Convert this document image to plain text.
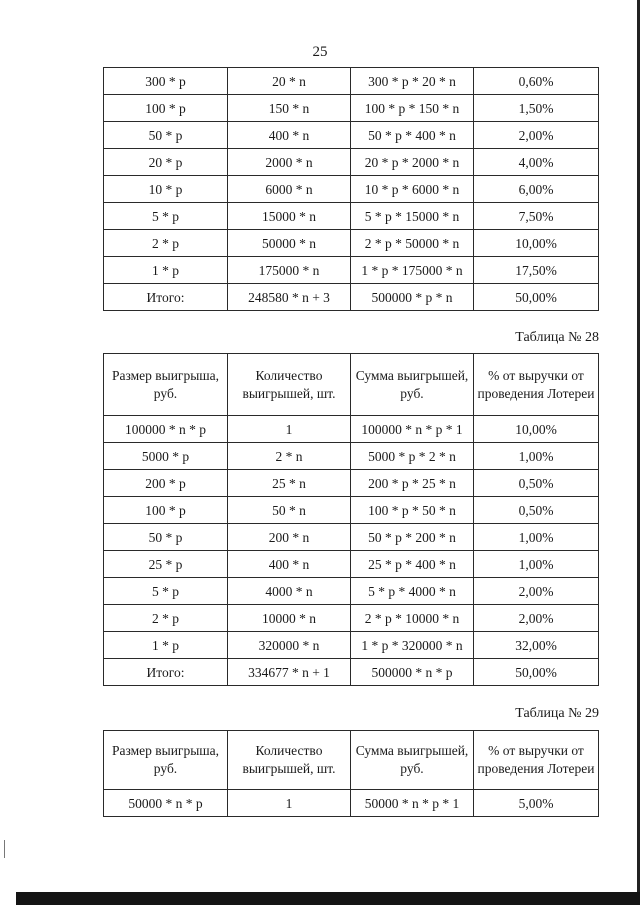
25
300 * p	20 * n	300 * p * 20 * n	0,60%
100 * p	150 * n	100 * p * 150 * n	1,50%
50 * p	400 * n	50 * p * 400 * n	2,00%
20 * p	2000 * n	20 * p * 2000 * n	4,00%
10 * p	6000 * n	10 * p * 6000 * n	6,00%
5 * p	15000 * n	5 * p * 15000 * n	7,50%
2 * p	50000 * n	2 * p * 50000 * n	10,00%
1 * p	175000 * n	1 * p * 175000 * n	17,50%
Итого:	248580 * n + 3	500000 * p * n	50,00%
Таблица № 28
Размер выигрыша, руб.	Количество выигрышей, шт.	Сумма выигрышей, руб.	% от выручки от проведения Лотереи
100000 * n * p	1	100000 * n * p * 1	10,00%
5000 * p	2 * n	5000 * p * 2 * n	1,00%
200 * p	25 * n	200 * p * 25 * n	0,50%
100 * p	50 * n	100 * p * 50 * n	0,50%
50 * p	200 * n	50 * p * 200 * n	1,00%
25 * p	400 * n	25 * p * 400 * n	1,00%
5 * p	4000 * n	5 * p * 4000 * n	2,00%
2 * p	10000 * n	2 * p * 10000 * n	2,00%
1 * p	320000 * n	1 * p * 320000 * n	32,00%
Итого:	334677 * n + 1	500000 * n * p	50,00%
Таблица № 29
Размер выигрыша, руб.	Количество выигрышей, шт.	Сумма выигрышей, руб.	% от выручки от проведения Лотереи
50000 * n * p	1	50000 * n * p * 1	5,00%
